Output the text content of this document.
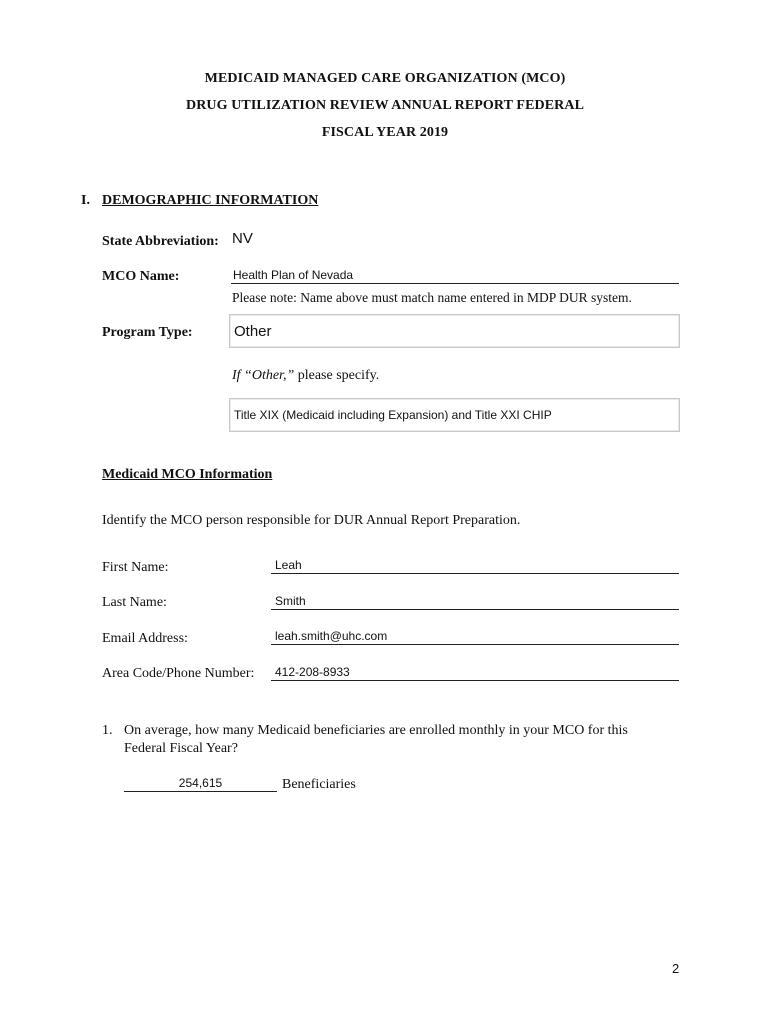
MEDICAID MANAGED CARE ORGANIZATION (MCO)
DRUG UTILIZATION REVIEW ANNUAL REPORT FEDERAL
FISCAL YEAR 2019
I. DEMOGRAPHIC INFORMATION
State Abbreviation: NV
MCO Name:	Health Plan of Nevada
Please note: Name above must match name entered in MDP DUR system.
Program Type:	Other
If “Other,” please specify.
Title XIX (Medicaid including Expansion) and Title XXI CHIP
Medicaid MCO Information
Identify the MCO person responsible for DUR Annual Report Preparation.
First Name:	Leah
Last Name:	Smith
Email Address:	leah.smith@uhc.com
Area Code/Phone Number: 412-208-8933
1. On average, how many Medicaid beneficiaries are enrolled monthly in your MCO for this
Federal Fiscal Year?
254,615	Beneficiaries
2
